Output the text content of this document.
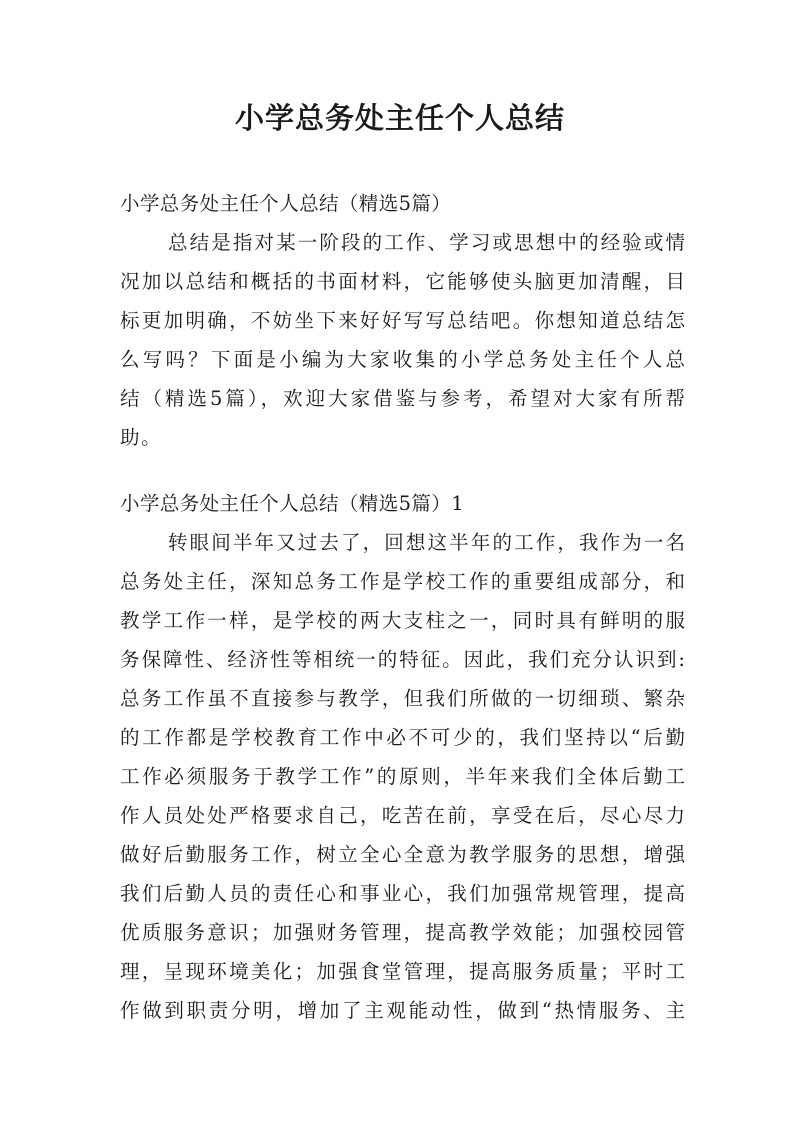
小学总务处主任个人总结
小学总务处主任个人总结（精选5篇）
总结是指对某一阶段的工作、学习或思想中的经验或情
况加以总结和概括的书面材料，它能够使头脑更加清醒，目
标更加明确，不妨坐下来好好写写总结吧。你想知道总结怎
么写吗？下面是小编为大家收集的小学总务处主任个人总
结（精选5篇），欢迎大家借鉴与参考，希望对大家有所帮
助。
小学总务处主任个人总结（精选5篇）1
转眼间半年又过去了，回想这半年的工作，我作为一名
总务处主任，深知总务工作是学校工作的重要组成部分，和
教学工作一样，是学校的两大支柱之一，同时具有鲜明的服
务保障性、经济性等相统一的特征。因此，我们充分认识到:
总务工作虽不直接参与教学，但我们所做的一切细琐、繁杂
的工作都是学校教育工作中必不可少的，我们坚持以“后勤
工作必须服务于教学工作”的原则，半年来我们全体后勤工
作人员处处严格要求自己，吃苦在前，享受在后，尽心尽力
做好后勤服务工作，树立全心全意为教学服务的思想，增强
我们后勤人员的责任心和事业心，我们加强常规管理，提高
优质服务意识；加强财务管理，提高教学效能；加强校园管
理，呈现环境美化；加强食堂管理，提高服务质量；平时工
作做到职责分明，增加了主观能动性，做到“热情服务、主
